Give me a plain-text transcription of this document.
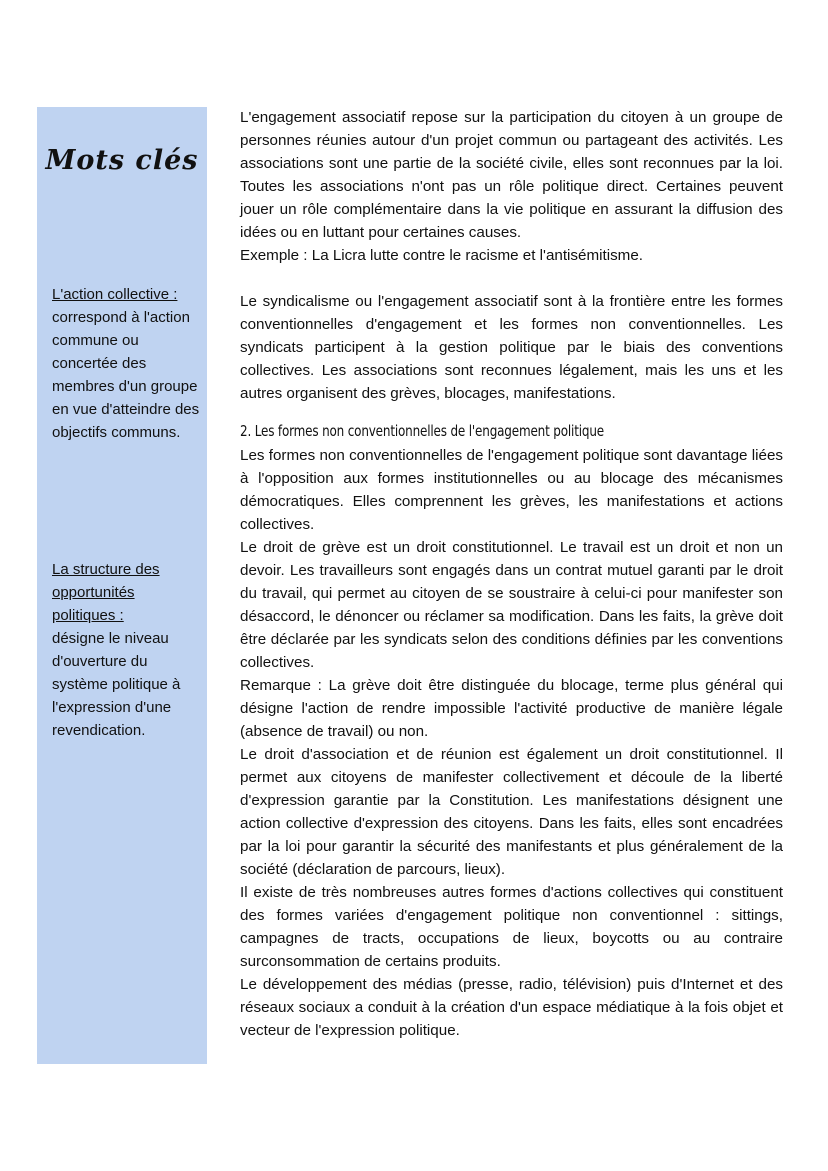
Mots clés
L'action collective :
correspond à l'action commune ou concertée des membres d'un groupe en vue d'atteindre des objectifs communs.
La structure des opportunités politiques :
désigne le niveau d'ouverture du système politique à l'expression d'une revendication.

L'engagement associatif repose sur la participation du citoyen à un groupe de personnes réunies autour d'un projet commun ou partageant des activités. Les associations sont une partie de la société civile, elles sont reconnues par la loi. Toutes les associations n'ont pas un rôle politique direct. Certaines peuvent jouer un rôle complémentaire dans la vie politique en assurant la diffusion des idées ou en luttant pour certaines causes.

Exemple : La Licra lutte contre le racisme et l'antisémitisme.

Le syndicalisme ou l'engagement associatif sont à la frontière entre les formes conventionnelles d'engagement et les formes non conventionnelles. Les syndicats participent à la gestion politique par le biais des conventions collectives. Les associations sont reconnues légalement, mais les uns et les autres organisent des grèves, blocages, manifestations.

2. Les formes non conventionnelles de l'engagement politique

Les formes non conventionnelles de l'engagement politique sont davantage liées à l'opposition aux formes institutionnelles ou au blocage des mécanismes démocratiques. Elles comprennent les grèves, les manifestations et actions collectives.

Le droit de grève est un droit constitutionnel. Le travail est un droit et non un devoir. Les travailleurs sont engagés dans un contrat mutuel garanti par le droit du travail, qui permet au citoyen de se soustraire à celui-ci pour manifester son désaccord, le dénoncer ou réclamer sa modification. Dans les faits, la grève doit être déclarée par les syndicats selon des conditions définies par les conventions collectives.

Remarque : La grève doit être distinguée du blocage, terme plus général qui désigne l'action de rendre impossible l'activité productive de manière légale (absence de travail) ou non.

Le droit d'association et de réunion est également un droit constitutionnel. Il permet aux citoyens de manifester collectivement et découle de la liberté d'expression garantie par la Constitution. Les manifestations désignent une action collective d'expression des citoyens. Dans les faits, elles sont encadrées par la loi pour garantir la sécurité des manifestants et plus généralement de la société (déclaration de parcours, lieux).

Il existe de très nombreuses autres formes d'actions collectives qui constituent des formes variées d'engagement politique non conventionnel : sittings, campagnes de tracts, occupations de lieux, boycotts ou au contraire surconsommation de certains produits.

Le développement des médias (presse, radio, télévision) puis d'Internet et des réseaux sociaux a conduit à la création d'un espace médiatique à la fois objet et vecteur de l'expression politique.
